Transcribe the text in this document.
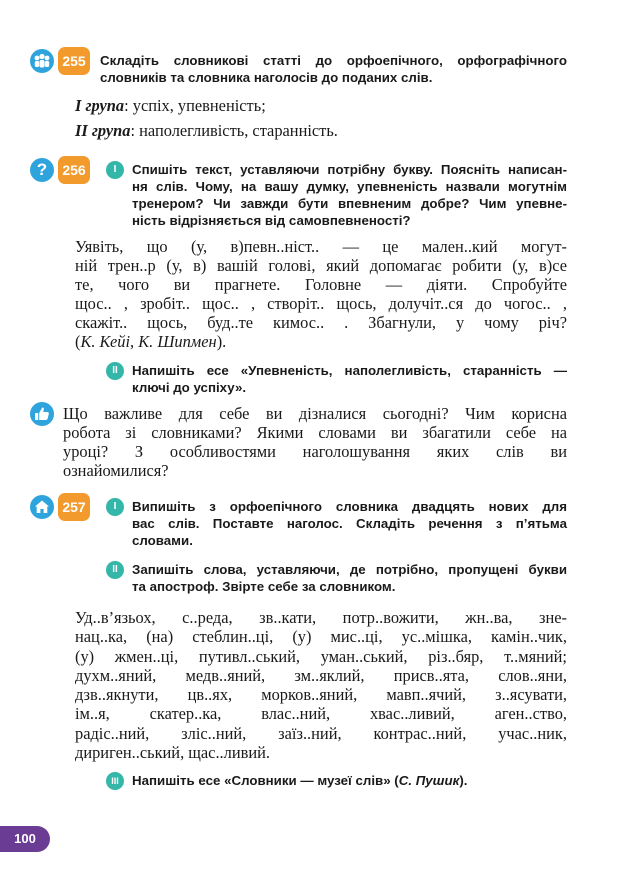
255	Складіть словникові статті до орфоепічного, орфографічного
словників та словника наголосів до поданих слів.
I група: успіх, упевненість;
II група: наполегливість, старанність.
?	256	I	Спишіть текст, уставляючи потрібну букву. Поясніть написан-
ня слів. Чому, на вашу думку, упевненість назвали могутнім
тренером? Чи завжди бути впевненим добре? Чим упевне-
ність відрізняється від самовпевненості?
Уявіть, що (у, в)певн..ніст.. — це мален..кий могут-
ній трен..р (у, в) вашій голові, який допомагає робити (у, в)се
те, чого ви прагнете. Головне — діяти. Спробуйте
щос.. , зробіт.. щос.. , створіт.. щось, долучіт..ся до чогос.. ,
скажіт.. щось, буд..те кимос.. . Збагнули, у чому річ?
(К. Кейі, К. Шипмен).
II	Напишіть есе «Упевненість, наполегливість, старанність —
ключі до успіху».
Що важливе для себе ви дізналися сьогодні? Чим корисна
робота зі словниками? Якими словами ви збагатили себе на
уроці? З особливостями наголошування яких слів ви
ознайомилися?
257	I	Випишіть з орфоепічного словника двадцять нових для
вас слів. Поставте наголос. Складіть речення з п’ятьма
словами.
II	Запишіть слова, уставляючи, де потрібно, пропущені букви
та апостроф. Звірте себе за словником.
Уд..в’язьох, с..реда, зв..кати, потр..вожити, жн..ва, зне-
нац..ка, (на) стеблин..ці, (у) мис..ці, ус..мішка, камін..чик,
(у) жмен..ці, путивл..ський, уман..ський, різ..бяр, т..мяний;
духм..яний, медв..яний, зм..яклий, присв..ята, слов..яни,
дзв..якнути, цв..ях, морков..яний, мавп..ячий, з..ясувати,
ім..я, скатер..ка, влас..ний, хвас..ливий, аген..ство,
радіс..ний, зліс..ний, заїз..ний, контрас..ний, учас..ник,
дириген..ський, щас..ливий.
III Напишіть есе «Словники — музеї слів» (С. Пушик).
100
